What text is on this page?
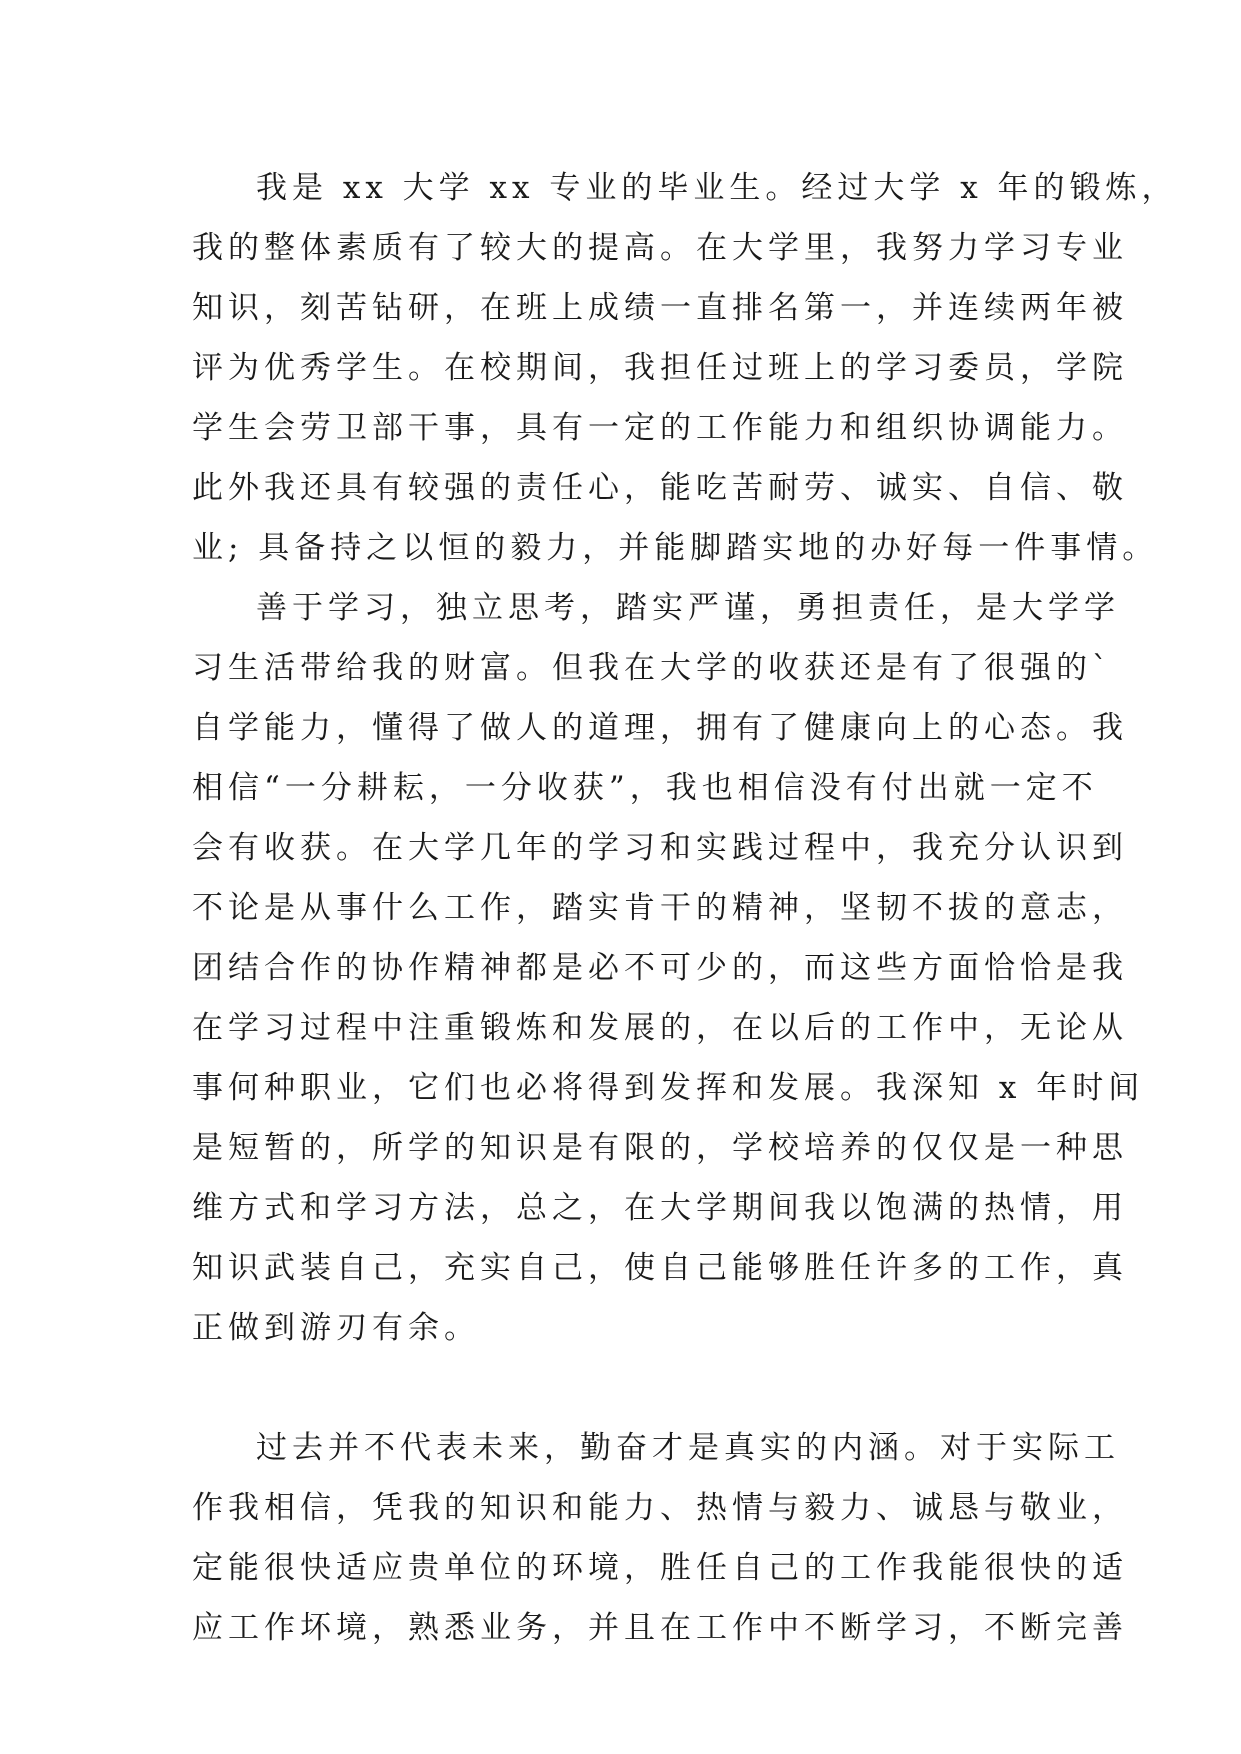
我是 xx 大学 xx 专业的毕业生。经过大学 x 年的锻炼，
我的整体素质有了较大的提高。在大学里，我努力学习专业
知识，刻苦钻研，在班上成绩一直排名第一，并连续两年被
评为优秀学生。在校期间，我担任过班上的学习委员，学院
学生会劳卫部干事，具有一定的工作能力和组织协调能力。
此外我还具有较强的责任心，能吃苦耐劳、诚实、自信、敬
业; 具备持之以恒的毅力，并能脚踏实地的办好每一件事情。
善于学习，独立思考，踏实严谨，勇担责任，是大学学
习生活带给我的财富。但我在大学的收获还是有了很强的`
自学能力，懂得了做人的道理，拥有了健康向上的心态。我
相信“一分耕耘，一分收获”，我也相信没有付出就一定不
会有收获。在大学几年的学习和实践过程中，我充分认识到
不论是从事什么工作，踏实肯干的精神，坚韧不拔的意志，
团结合作的协作精神都是必不可少的，而这些方面恰恰是我
在学习过程中注重锻炼和发展的，在以后的工作中，无论从
事何种职业，它们也必将得到发挥和发展。我深知 x 年时间
是短暂的，所学的知识是有限的，学校培养的仅仅是一种思
维方式和学习方法，总之，在大学期间我以饱满的热情，用
知识武装自己，充实自己，使自己能够胜任许多的工作，真
正做到游刃有余。
过去并不代表未来，勤奋才是真实的内涵。对于实际工
作我相信，凭我的知识和能力、热情与毅力、诚恳与敬业，
定能很快适应贵单位的环境，胜任自己的工作我能很快的适
应工作坏境，熟悉业务，并且在工作中不断学习，不断完善
